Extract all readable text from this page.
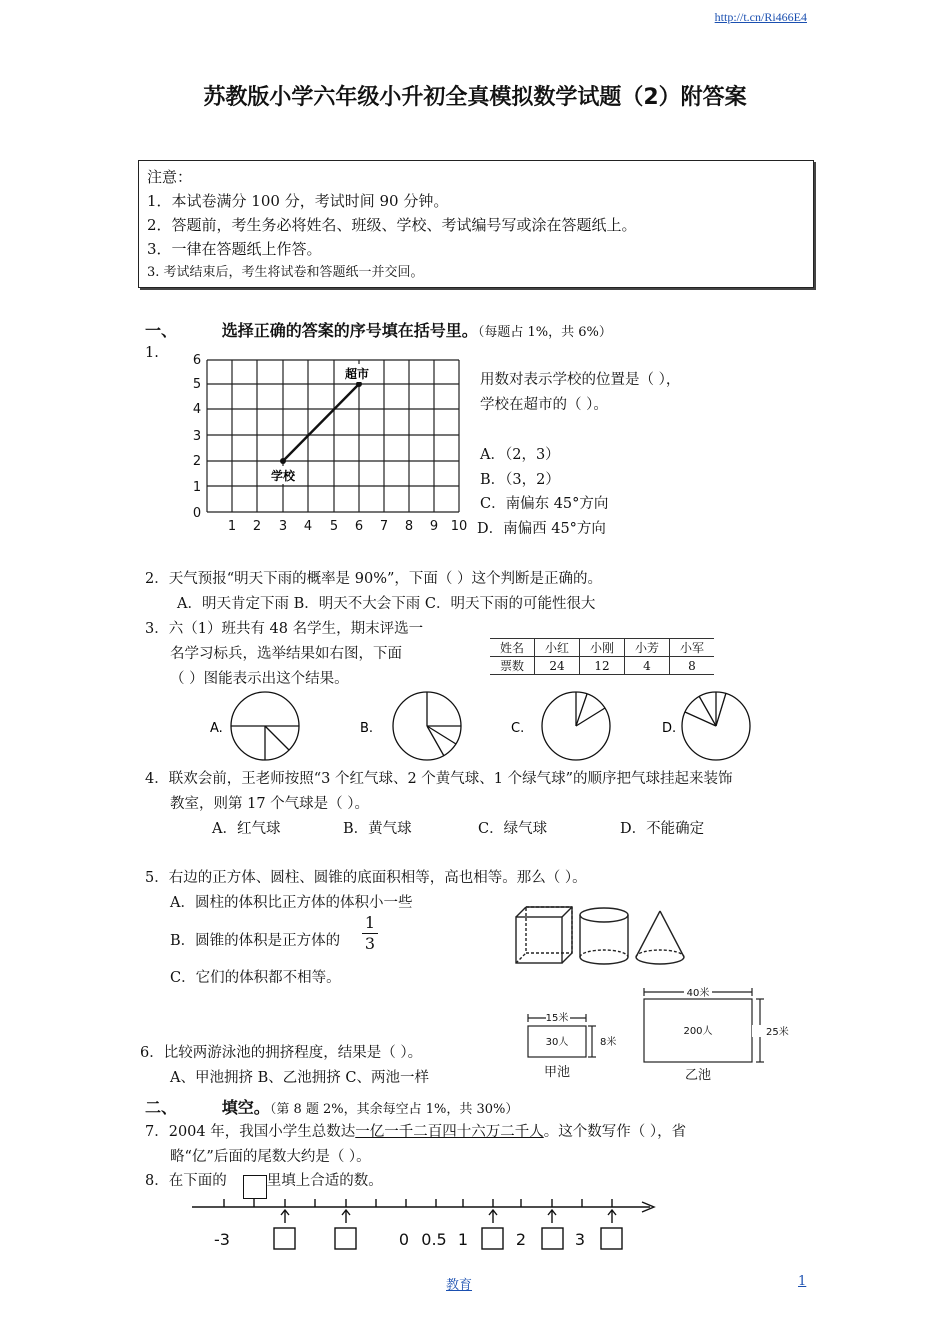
http://t.cn/Ri466E4
苏教版小学六年级小升初全真模拟数学试题（2）附答案
注意：
1．本试卷满分 100 分，考试时间 90 分钟。
2．答题前，考生务必将姓名、班级、学校、考试编号写或涂在答题纸上。
3．一律在答题纸上作答。
3. 考试结束后，考生将试卷和答题纸一并交回。
一、	选择正确的答案的序号填在括号里。（每题占 1%，共 6%）
1.
0
1
2
3
4
5
6
1 2 3 4 5 6 7 8 9 10
超市
学校
用数对表示学校的位置是（ ），
学校在超市的（ ）。
A．（2，3）
B．（3，2）
C．南偏东 45°方向
D．南偏西 45°方向
2．天气预报“明天下雨的概率是 90%”，下面（ ）这个判断是正确的。
A．明天肯定下雨 B．明天不大会下雨 C．明天下雨的可能性很大
3．六（1）班共有 48 名学生，期末评选一
名学习标兵，选举结果如右图，下面
（ ）图能表示出这个结果。
姓名	小红	小刚	小芳	小军
票数	24	12	4	8
A.	B.	C.	D.
4．联欢会前，王老师按照“3 个红气球、2 个黄气球、1 个绿气球”的顺序把气球挂起来装饰
教室，则第 17 个气球是（ ）。
A．红气球	B．黄气球	C．绿气球	D．不能确定
5．右边的正方体、圆柱、圆锥的底面积相等，高也相等。那么（ ）。
A．圆柱的体积比正方体的体积小一些
B．圆锥的体积是正方体的 $\frac{1}{3}$
C．它们的体积都不相等。
6．比较两游泳池的拥挤程度，结果是（ ）。
A、甲池拥挤 B、乙池拥挤 C、两池一样
15米
30人	8米
甲池
40米
200人	25米
乙池
二、	填空。（第 8 题 2%，其余每空占 1%，共 30%）
7．2004 年，我国小学生总数达一亿一千二百四十六万二千人。这个数写作（ ），省
略“亿”后面的尾数大约是（ ）。
8．在下面的	里填上合适的数。
-3	0 0.5 1	2	3
教育	1
